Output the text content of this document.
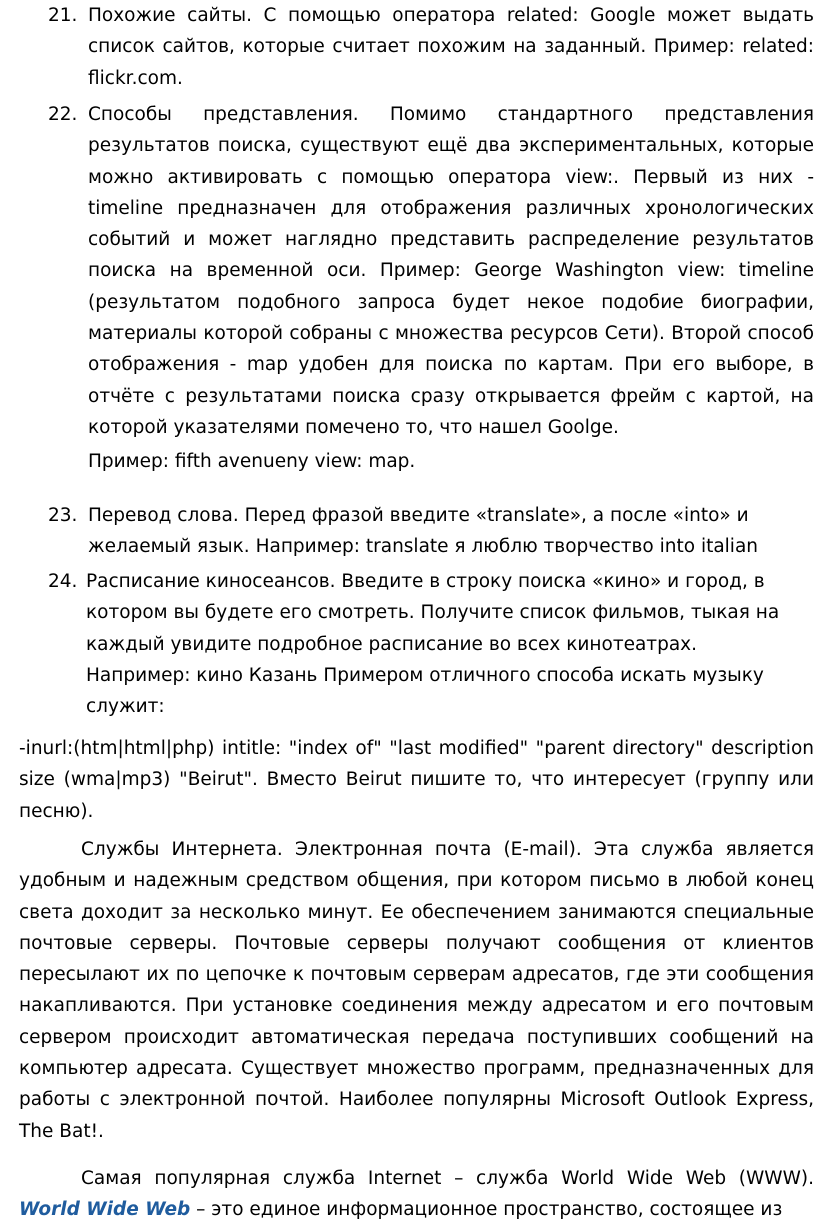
21. Похожие сайты. С помощью оператора related: Google может выдать список сайтов, которые считает похожим на заданный. Пример: related: flickr.com.

22. Способы представления. Помимо стандартного представления результатов поиска, существуют ещё два экспериментальных, которые можно активировать с помощью оператора view:. Первый из них - timeline предназначен для отображения различных хронологических событий и может наглядно представить распределение результатов поиска на временной оси. Пример: George Washington view: timeline (результатом подобного запроса будет некое подобие биографии, материалы которой собраны с множества ресурсов Сети). Второй способ отображения - map удобен для поиска по картам. При его выборе, в отчёте с результатами поиска сразу открывается фрейм с картой, на которой указателями помечено то, что нашел Goolge.

Пример: fifth avenueny view: map.

23. Перевод слова. Перед фразой введите «translate», а после «into» и желаемый язык. Например: translate я люблю творчество into italian

24. Расписание киносеансов. Введите в строку поиска «кино» и город, в котором вы будете его смотреть. Получите список фильмов, тыкая на каждый увидите подробное расписание во всех кинотеатрах.

Например: кино Казань Примером отличного способа искать музыку служит:

-inurl:(htm|html|php) intitle: "index of" "last modified" "parent directory" description size (wma|mp3) "Beirut". Вместо Beirut пишите то, что интересует (группу или песню).

Службы Интернета. Электронная почта (E-mail). Эта служба является удобным и надежным средством общения, при котором письмо в любой конец света доходит за несколько минут. Ее обеспечением занимаются специальные почтовые серверы. Почтовые серверы получают сообщения от клиентов пересылают их по цепочке к почтовым серверам адресатов, где эти сообщения накапливаются. При установке соединения между адресатом и его почтовым сервером происходит автоматическая передача поступивших сообщений на компьютер адресата. Существует множество программ, предназначенных для работы с электронной почтой. Наиболее популярны Microsoft Outlook Express, The Bat!.

Самая популярная служба Internet – служба World Wide Web (WWW).

World Wide Web – это единое информационное пространство, состоящее из
